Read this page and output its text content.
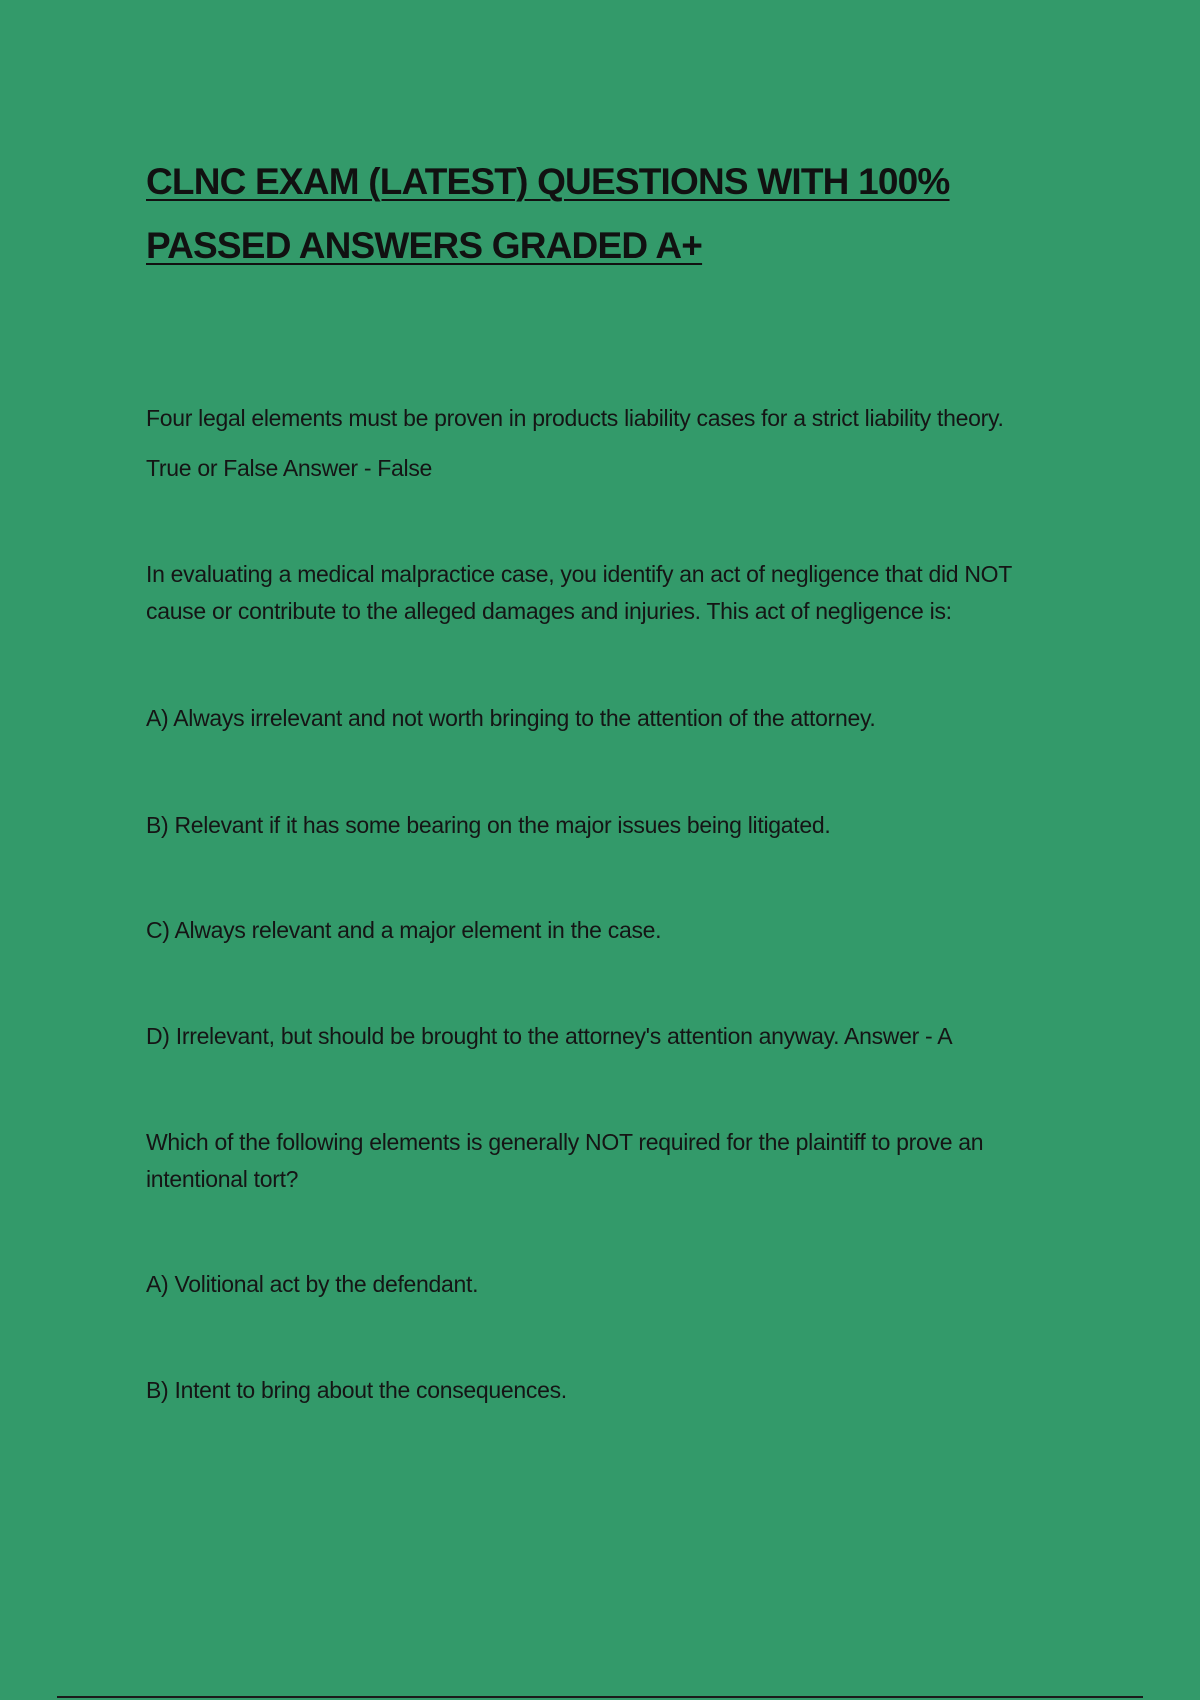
CLNC EXAM (LATEST) QUESTIONS WITH 100% PASSED ANSWERS GRADED A+

Four legal elements must be proven in products liability cases for a strict liability theory.

True or False Answer - False

In evaluating a medical malpractice case, you identify an act of negligence that did NOT cause or contribute to the alleged damages and injuries. This act of negligence is:

A) Always irrelevant and not worth bringing to the attention of the attorney.

B) Relevant if it has some bearing on the major issues being litigated.

C) Always relevant and a major element in the case.

D) Irrelevant, but should be brought to the attorney's attention anyway. Answer - A

Which of the following elements is generally NOT required for the plaintiff to prove an intentional tort?

A) Volitional act by the defendant.

B) Intent to bring about the consequences.
